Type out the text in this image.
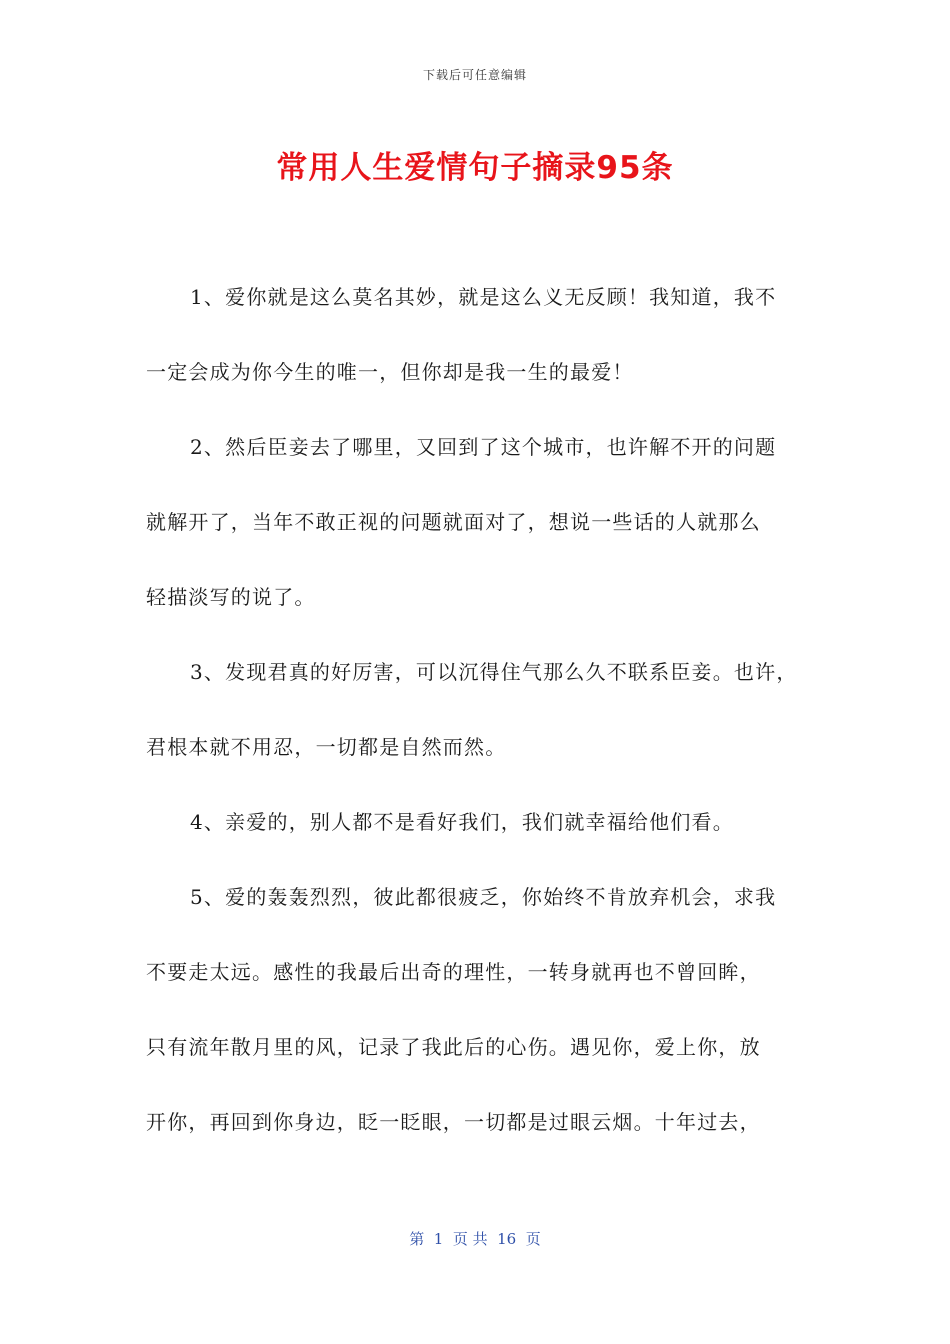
下载后可任意编辑
常用人生爱情句子摘录95条
1、爱你就是这么莫名其妙，就是这么义无反顾！我知道，我不
一定会成为你今生的唯一，但你却是我一生的最爱！
2、然后臣妾去了哪里，又回到了这个城市，也许解不开的问题
就解开了，当年不敢正视的问题就面对了，想说一些话的人就那么
轻描淡写的说了。
3、发现君真的好厉害，可以沉得住气那么久不联系臣妾。也许，
君根本就不用忍，一切都是自然而然。
4、亲爱的，别人都不是看好我们，我们就幸福给他们看。
5、爱的轰轰烈烈，彼此都很疲乏，你始终不肯放弃机会，求我
不要走太远。感性的我最后出奇的理性，一转身就再也不曾回眸，
只有流年散月里的风，记录了我此后的心伤。遇见你，爱上你，放
开你，再回到你身边，眨一眨眼，一切都是过眼云烟。十年过去，
第  1  页 共  16  页
